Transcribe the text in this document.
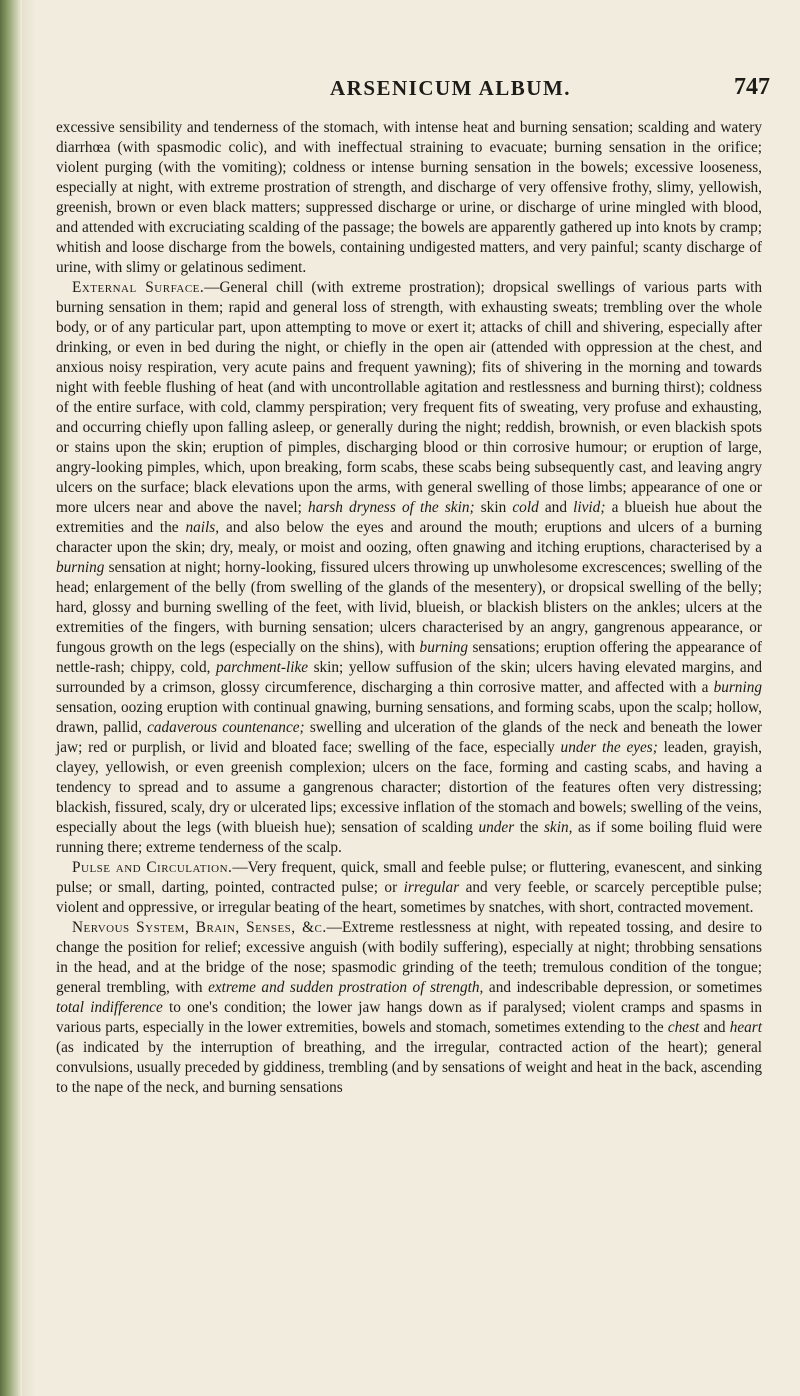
ARSENICUM ALBUM.	747

excessive sensibility and tenderness of the stomach, with intense heat and burning sensation; scalding and watery diarrhœa (with spasmodic colic), and with ineffectual straining to evacuate; burning sensation in the orifice; violent purging (with the vomiting); coldness or intense burning sensation in the bowels; excessive looseness, especially at night, with extreme prostration of strength, and discharge of very offensive frothy, slimy, yellowish, greenish, brown or even black matters; suppressed discharge or urine, or discharge of urine mingled with blood, and attended with excruciating scalding of the passage; the bowels are apparently gathered up into knots by cramp; whitish and loose discharge from the bowels, containing undigested matters, and very painful; scanty discharge of urine, with slimy or gelatinous sediment.

External Surface.—General chill (with extreme prostration); dropsical swellings of various parts with burning sensation in them; rapid and general loss of strength, with exhausting sweats; trembling over the whole body, or of any particular part, upon attempting to move or exert it; attacks of chill and shivering, especially after drinking, or even in bed during the night, or chiefly in the open air (attended with oppression at the chest, and anxious noisy respiration, very acute pains and frequent yawning); fits of shivering in the morning and towards night with feeble flushing of heat (and with uncontrollable agitation and restlessness and burning thirst); coldness of the entire surface, with cold, clammy perspiration; very frequent fits of sweating, very profuse and exhausting, and occurring chiefly upon falling asleep, or generally during the night; reddish, brownish, or even blackish spots or stains upon the skin; eruption of pimples, discharging blood or thin corrosive humour; or eruption of large, angry-looking pimples, which, upon breaking, form scabs, these scabs being subsequently cast, and leaving angry ulcers on the surface; black elevations upon the arms, with general swelling of those limbs; appearance of one or more ulcers near and above the navel; harsh dryness of the skin; skin cold and livid; a blueish hue about the extremities and the nails, and also below the eyes and around the mouth; eruptions and ulcers of a burning character upon the skin; dry, mealy, or moist and oozing, often gnawing and itching eruptions, characterised by a burning sensation at night; horny-looking, fissured ulcers throwing up unwholesome excrescences; swelling of the head; enlargement of the belly (from swelling of the glands of the mesentery), or dropsical swelling of the belly; hard, glossy and burning swelling of the feet, with livid, blueish, or blackish blisters on the ankles; ulcers at the extremities of the fingers, with burning sensation; ulcers characterised by an angry, gangrenous appearance, or fungous growth on the legs (especially on the shins), with burning sensations; eruption offering the appearance of nettle-rash; chippy, cold, parchment-like skin; yellow suffusion of the skin; ulcers having elevated margins, and surrounded by a crimson, glossy circumference, discharging a thin corrosive matter, and affected with a burning sensation, oozing eruption with continual gnawing, burning sensations, and forming scabs, upon the scalp; hollow, drawn, pallid, cadaverous countenance; swelling and ulceration of the glands of the neck and beneath the lower jaw; red or purplish, or livid and bloated face; swelling of the face, especially under the eyes; leaden, grayish, clayey, yellowish, or even greenish complexion; ulcers on the face, forming and casting scabs, and having a tendency to spread and to assume a gangrenous character; distortion of the features often very distressing; blackish, fissured, scaly, dry or ulcerated lips; excessive inflation of the stomach and bowels; swelling of the veins, especially about the legs (with blueish hue); sensation of scalding under the skin, as if some boiling fluid were running there; extreme tenderness of the scalp.

Pulse and Circulation.—Very frequent, quick, small and feeble pulse; or fluttering, evanescent, and sinking pulse; or small, darting, pointed, contracted pulse; or irregular and very feeble, or scarcely perceptible pulse; violent and oppressive, or irregular beating of the heart, sometimes by snatches, with short, contracted movement.

Nervous System, Brain, Senses, &c.—Extreme restlessness at night, with repeated tossing, and desire to change the position for relief; excessive anguish (with bodily suffering), especially at night; throbbing sensations in the head, and at the bridge of the nose; spasmodic grinding of the teeth; tremulous condition of the tongue; general trembling, with extreme and sudden prostration of strength, and indescribable depression, or sometimes total indifference to one's condition; the lower jaw hangs down as if paralysed; violent cramps and spasms in various parts, especially in the lower extremities, bowels and stomach, sometimes extending to the chest and heart (as indicated by the interruption of breathing, and the irregular, contracted action of the heart); general convulsions, usually preceded by giddiness, trembling (and by sensations of weight and heat in the back, ascending to the nape of the neck, and burning sensations
